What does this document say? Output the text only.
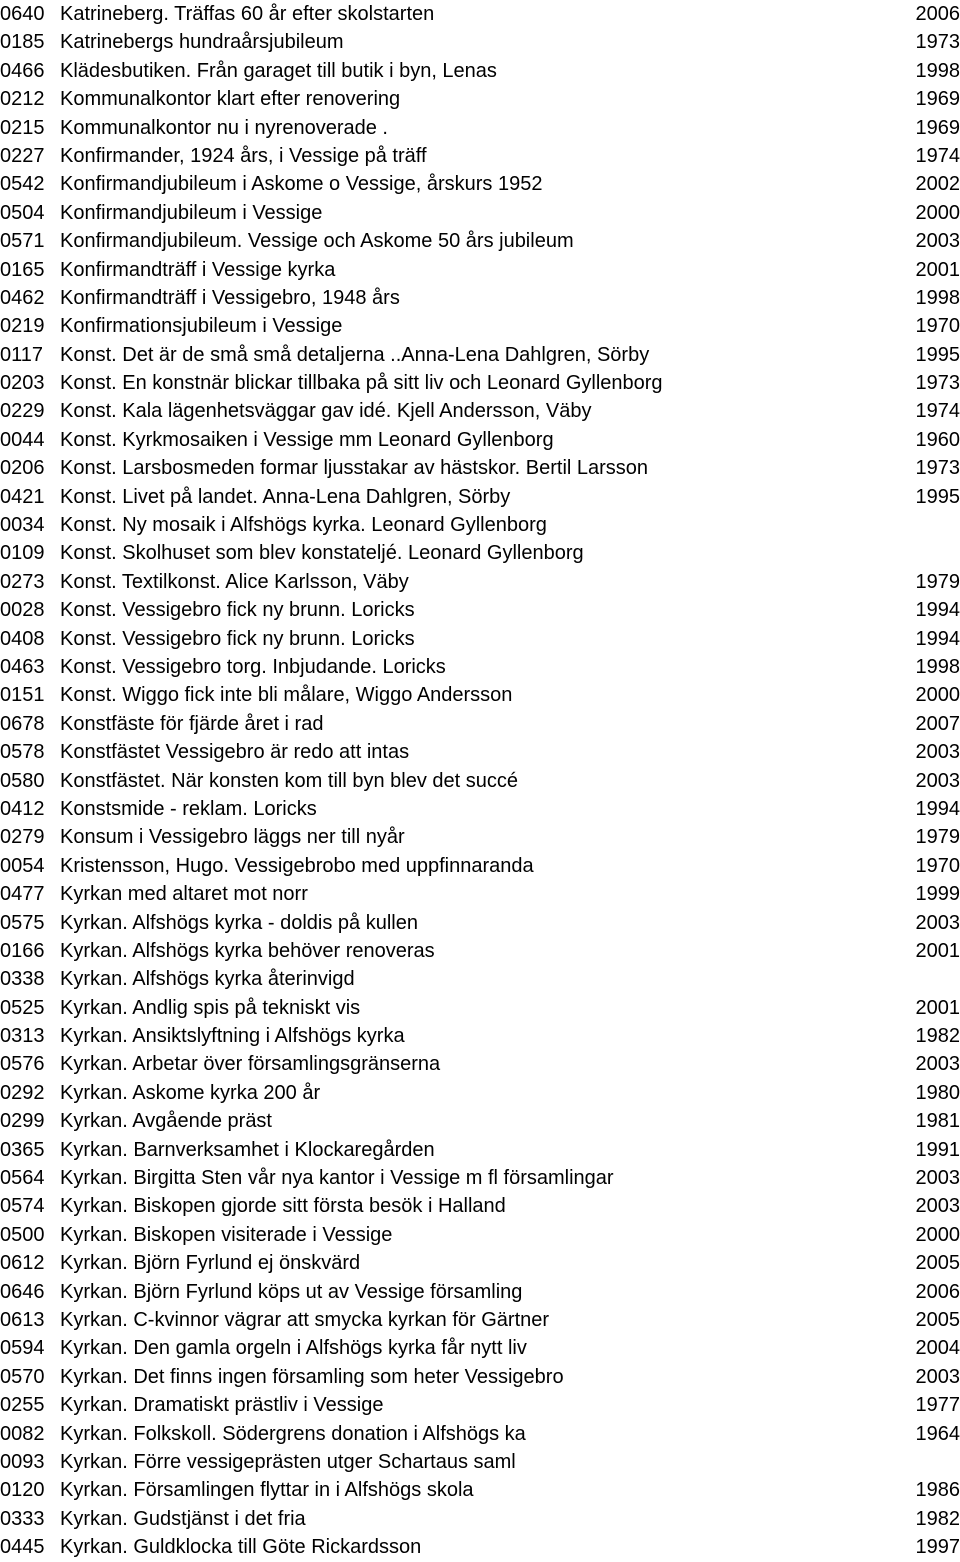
0640 Katrineberg. Träffas 60 år efter skolstarten	2006
0185 Katrinebergs hundraårsjubileum	1973
0466 Klädesbutiken. Från garaget till butik i byn, Lenas	1998
0212 Kommunalkontor klart efter renovering	1969
0215 Kommunalkontor nu i nyrenoverade .	1969
0227 Konfirmander, 1924 års, i Vessige på träff	1974
0542 Konfirmandjubileum i Askome o Vessige, årskurs 1952	2002
0504 Konfirmandjubileum i Vessige	2000
0571 Konfirmandjubileum. Vessige och Askome 50 års jubileum	2003
0165 Konfirmandträff i Vessige kyrka	2001
0462 Konfirmandträff i Vessigebro, 1948 års	1998
0219 Konfirmationsjubileum i Vessige	1970
0117 Konst. Det är de små små detaljerna ..Anna-Lena Dahlgren, Sörby	1995
0203 Konst. En konstnär blickar tillbaka på sitt liv och Leonard Gyllenborg	1973
0229 Konst. Kala lägenhetsväggar gav idé. Kjell Andersson, Väby	1974
0044 Konst. Kyrkmosaiken i Vessige mm Leonard Gyllenborg	1960
0206 Konst. Larsbosmeden formar ljusstakar av hästskor. Bertil Larsson	1973
0421 Konst. Livet på landet. Anna-Lena Dahlgren, Sörby	1995
0034 Konst. Ny mosaik i Alfshögs kyrka. Leonard Gyllenborg
0109 Konst. Skolhuset som blev konstateljé. Leonard Gyllenborg
0273 Konst. Textilkonst. Alice Karlsson, Väby	1979
0028 Konst. Vessigebro fick ny brunn. Loricks	1994
0408 Konst. Vessigebro fick ny brunn. Loricks	1994
0463 Konst. Vessigebro torg. Inbjudande. Loricks	1998
0151 Konst. Wiggo fick inte bli målare, Wiggo Andersson	2000
0678 Konstfäste för fjärde året i rad	2007
0578 Konstfästet Vessigebro är redo att intas	2003
0580 Konstfästet. När konsten kom till byn blev det succé	2003
0412 Konstsmide - reklam. Loricks	1994
0279 Konsum i Vessigebro läggs ner till nyår	1979
0054 Kristensson, Hugo. Vessigebrobo med uppfinnaranda	1970
0477 Kyrkan med altaret mot norr	1999
0575 Kyrkan. Alfshögs kyrka - doldis på kullen	2003
0166 Kyrkan. Alfshögs kyrka behöver renoveras	2001
0338 Kyrkan. Alfshögs kyrka återinvigd
0525 Kyrkan. Andlig spis på tekniskt vis	2001
0313 Kyrkan. Ansiktslyftning i Alfshögs kyrka	1982
0576 Kyrkan. Arbetar över församlingsgränserna	2003
0292 Kyrkan. Askome kyrka 200 år	1980
0299 Kyrkan. Avgående präst	1981
0365 Kyrkan. Barnverksamhet i Klockaregården	1991
0564 Kyrkan. Birgitta Sten vår nya kantor i Vessige m fl församlingar	2003
0574 Kyrkan. Biskopen gjorde sitt första besök i Halland	2003
0500 Kyrkan. Biskopen visiterade i Vessige	2000
0612 Kyrkan. Björn Fyrlund ej önskvärd	2005
0646 Kyrkan. Björn Fyrlund köps ut av Vessige församling	2006
0613 Kyrkan. C-kvinnor vägrar att smycka kyrkan för Gärtner	2005
0594 Kyrkan. Den gamla orgeln i Alfshögs kyrka får nytt liv	2004
0570 Kyrkan. Det finns ingen församling som heter Vessigebro	2003
0255 Kyrkan. Dramatiskt prästliv i Vessige	1977
0082 Kyrkan. Folkskoll. Södergrens donation i Alfshögs ka	1964
0093 Kyrkan. Förre vessigeprästen utger Schartaus saml
0120 Kyrkan. Församlingen flyttar in i Alfshögs skola	1986
0333 Kyrkan. Gudstjänst i det fria	1982
0445 Kyrkan. Guldklocka till Göte Rickardsson	1997
